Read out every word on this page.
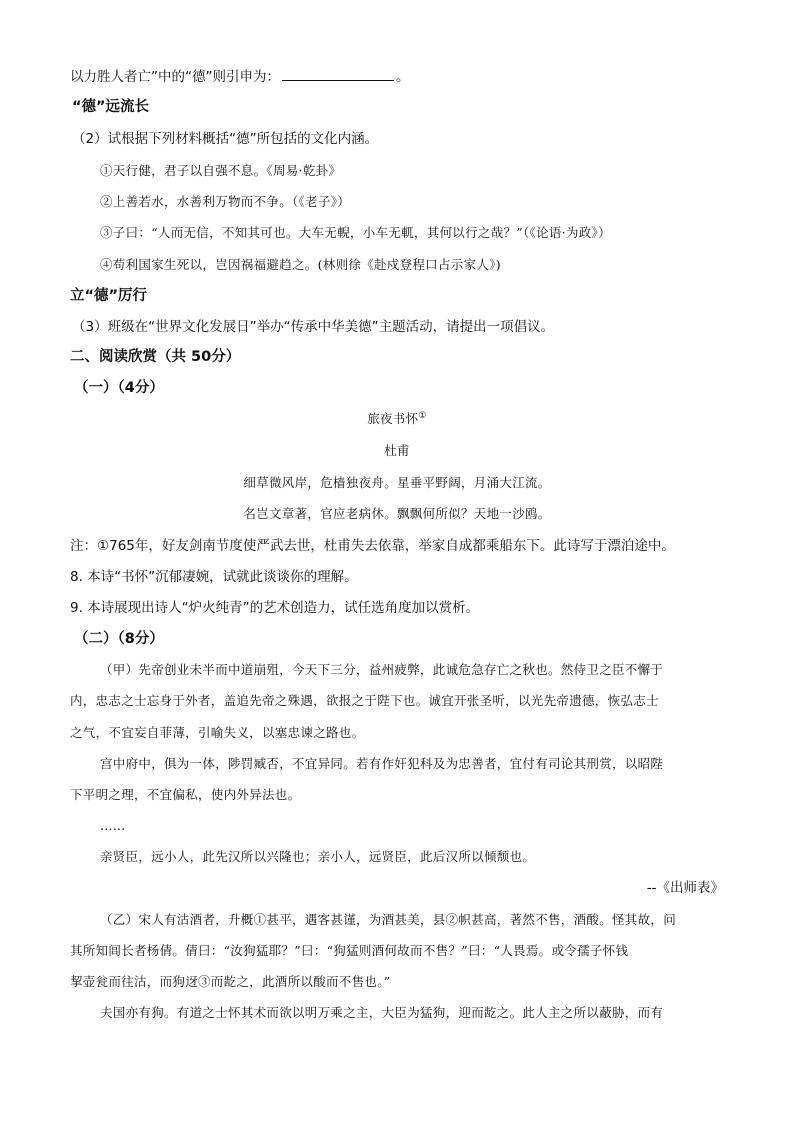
以力胜人者亡”中的“德”则引申为：	。
“德”远流长
（2）试根据下列材料概括“德”所包括的文化内涵。
①天行健，君子以自强不息。《周易·乾卦》
②上善若水，水善利万物而不争。（《老子》）
③子曰：“人而无信，不知其可也。大车无輗，小车无軏，其何以行之哉？”（《论语·为政》）
④苟利国家生死以，岂因祸福避趋之。(林则徐《赴戍登程口占示家人》)
立“德”厉行
（3）班级在“世界文化发展日”举办“传承中华美德”主题活动，请提出一项倡议。
二、阅读欣赏（共 50分）
（一）（4分）
旅夜书怀①
杜甫
细草微风岸，危樯独夜舟。星垂平野阔，月涌大江流。
名岂文章著，官应老病休。飘飘何所似？天地一沙鸥。
注：①765年，好友剑南节度使严武去世，杜甫失去依靠，举家自成都乘船东下。此诗写于漂泊途中。
8. 本诗“书怀”沉郁凄婉，试就此谈谈你的理解。
9. 本诗展现出诗人“炉火纯青”的艺术创造力，试任选角度加以赏析。
（二）（8分）
（甲）先帝创业未半而中道崩殂，今天下三分，益州疲弊，此诚危急存亡之秋也。然侍卫之臣不懈于
内，忠志之士忘身于外者，盖追先帝之殊遇，欲报之于陛下也。诚宜开张圣听，以光先帝遗德，恢弘志士
之气，不宜妄自菲薄，引喻失义，以塞忠谏之路也。
宫中府中，俱为一体，陟罚臧否，不宜异同。若有作奸犯科及为忠善者，宜付有司论其刑赏，以昭陛
下平明之理，不宜偏私，使内外异法也。
……
亲贤臣，远小人，此先汉所以兴隆也；亲小人，远贤臣，此后汉所以倾颓也。
--《出师表》
（乙）宋人有沽酒者，升概①甚平，遇客甚谨，为酒甚美，县②帜甚高，著然不售，酒酸。怪其故，问
其所知闾长者杨倩。倩曰：“汝狗猛耶？”曰：“狗猛则酒何故而不售？”曰：“人畏焉。或令孺子怀钱
挈壶瓮而往沽，而狗迓③而龁之，此酒所以酸而不售也。”
夫国亦有狗。有道之士怀其术而欲以明万乘之主，大臣为猛狗，迎而龁之。此人主之所以蔽胁，而有
